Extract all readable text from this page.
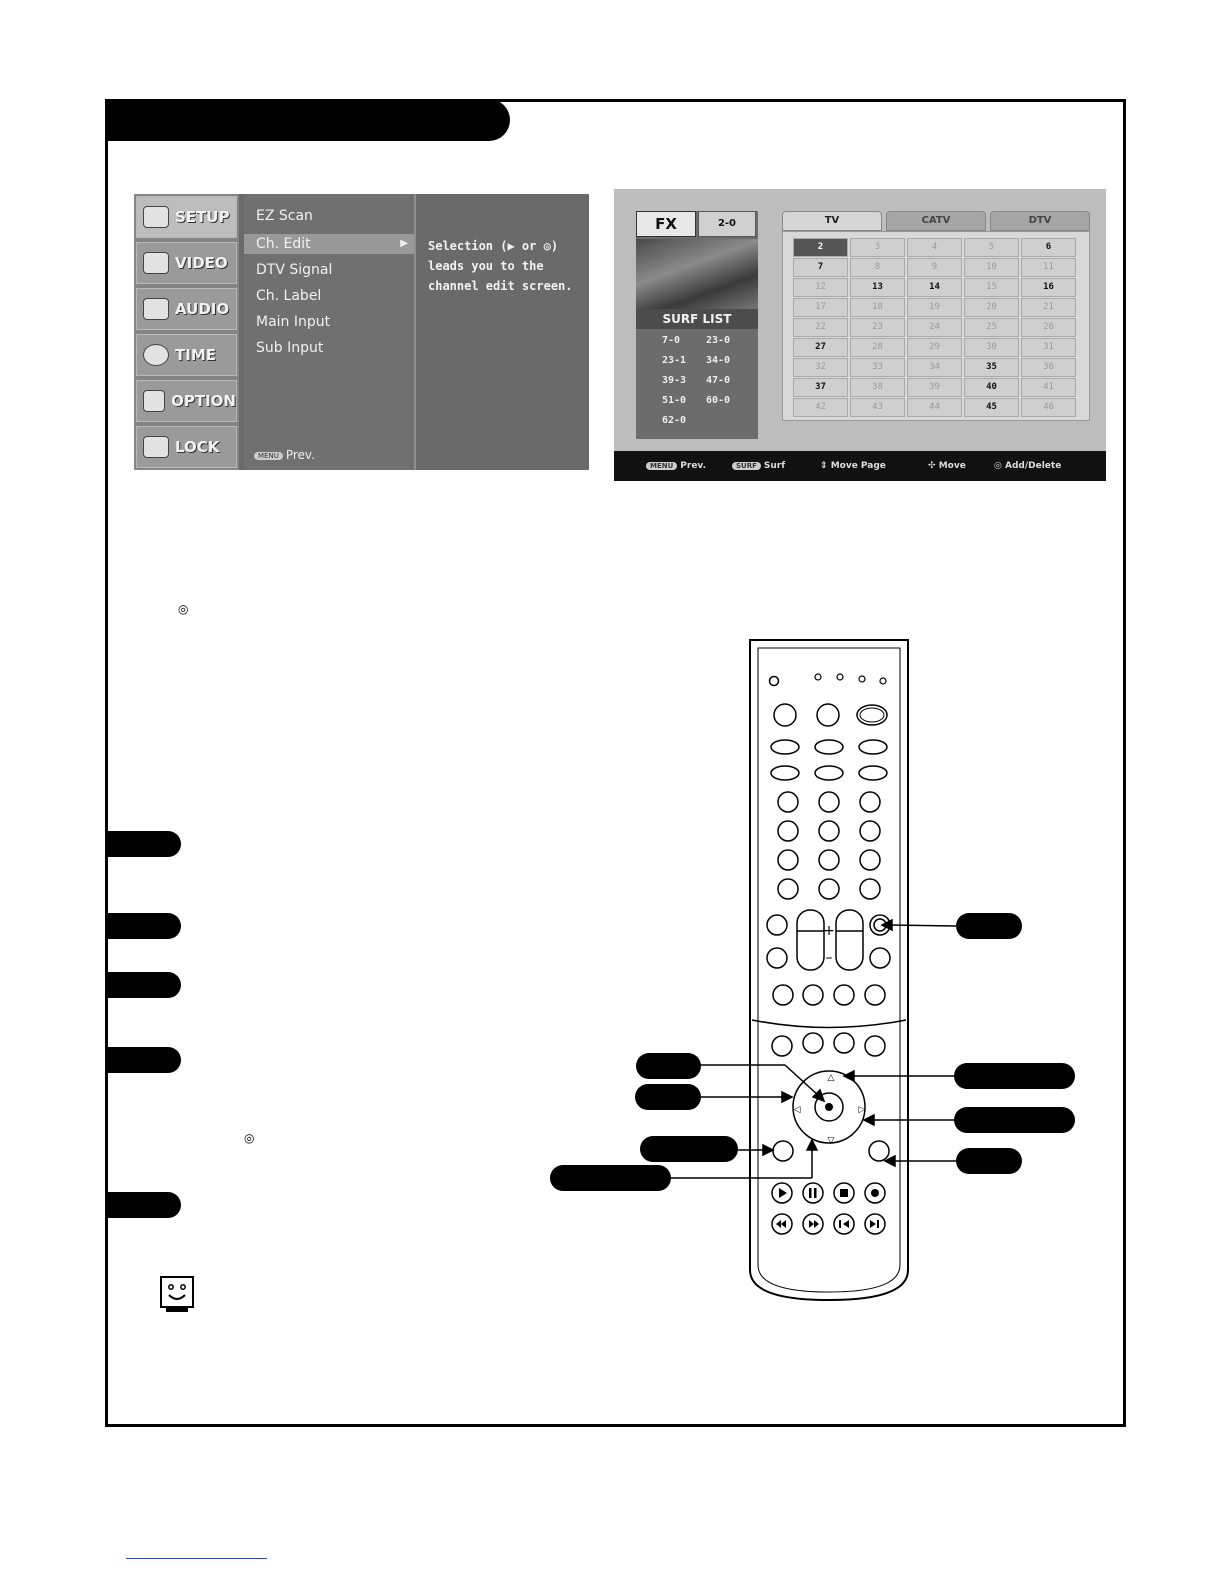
SETUP
VIDEO
AUDIO
TIME
OPTION
LOCK
EZ Scan
Ch. Edit	▶
DTV Signal
Ch. Label
Main Input
Sub Input
MENU Prev.
Selection (▶ or ◎)
leads you to the
channel edit screen.
FX	2-0
SURF LIST
7-0	23-0
23-1 34-0
39-3 47-0
51-0 60-0
62-0
TV	CATV	DTV
2	3	4	5	6
7	8	9	10	11
12	13	14	15	16
17	18	19	20	21
22	23	24	25	26
27	28	29	30	31
32	33	34	35	36
37	38	39	40	41
42	43	44	45	46
MENU Prev.	SURF Surf	⇕ Move Page	✣ Move	◎ Add/Delete
◎
◎
+
–
△
▽
◁	▷
